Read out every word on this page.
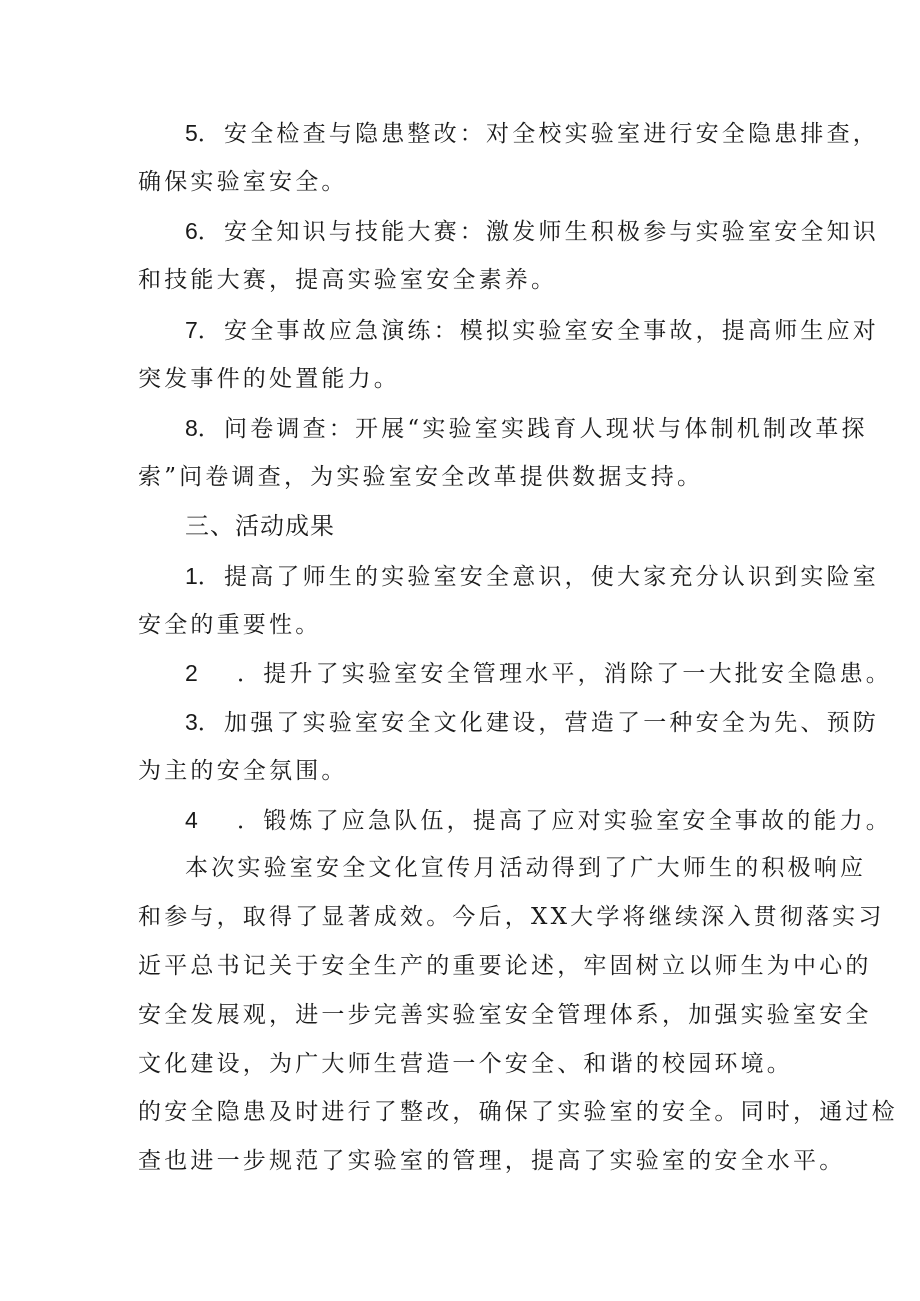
5．安全检查与隐患整改：对全校实验室进行安全隐患排查，
确保实验室安全。
6．安全知识与技能大赛：激发师生积极参与实验室安全知识
和技能大赛，提高实验室安全素养。
7．安全事故应急演练：模拟实验室安全事故，提高师生应对
突发事件的处置能力。
8．问卷调查：开展“实验室实践育人现状与体制机制改革探
索”问卷调查，为实验室安全改革提供数据支持。
三、活动成果
1．提高了师生的实验室安全意识，使大家充分认识到实险室
安全的重要性。
2 ．提升了实验室安全管理水平，消除了一大批安全隐患。
3．加强了实验室安全文化建设，营造了一种安全为先、预防
为主的安全氛围。
4 ．锻炼了应急队伍，提高了应对实验室安全事故的能力。
本次实验室安全文化宣传月活动得到了广大师生的积极响应
和参与，取得了显著成效。今后，XX大学将继续深入贯彻落实习
近平总书记关于安全生产的重要论述，牢固树立以师生为中心的
安全发展观，进一步完善实验室安全管理体系，加强实验室安全
文化建设，为广大师生营造一个安全、和谐的校园环境。
的安全隐患及时进行了整改，确保了实验室的安全。同时，通过检
查也进一步规范了实验室的管理，提高了实验室的安全水平。
